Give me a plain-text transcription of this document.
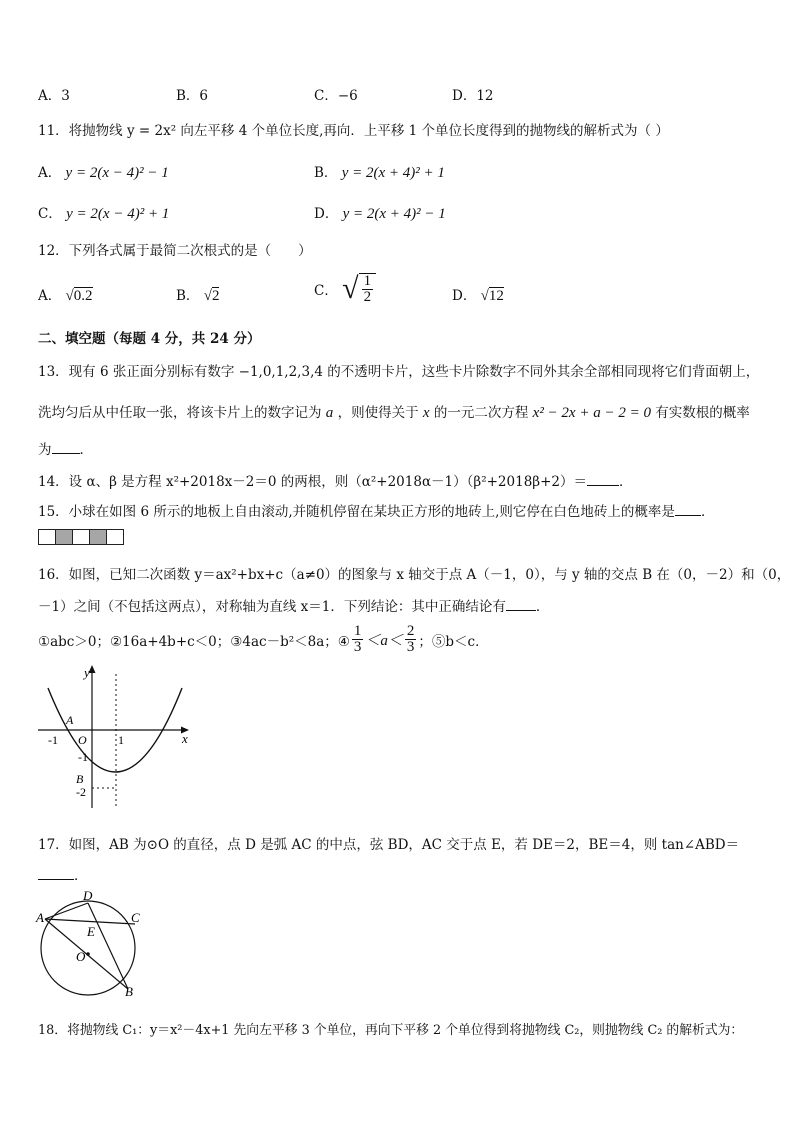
A．3	B．6	C．−6	D．12
11．将抛物线 y = 2x² 向左平移 4 个单位长度,再向．上平移 1 个单位长度得到的抛物线的解析式为（ ）
A． y = 2(x − 4)² − 1	B． y = 2(x + 4)² + 1
C． y = 2(x − 4)² + 1	D． y = 2(x + 4)² − 1
12．下列各式属于最简二次根式的是（　　）
A． √0.2	B． √2	C． √ $\frac{1}{2}$	D． √12
二、填空题（每题 4 分，共 24 分）
13．现有 6 张正面分别标有数字 −1,0,1,2,3,4 的不透明卡片，这些卡片除数字不同外其余全部相同现将它们背面朝上，
洗均匀后从中任取一张，将该卡片上的数字记为 a ，则使得关于 x 的一元二次方程 x² − 2x + a − 2 = 0 有实数根的概率
为 ．
14．设 α、β 是方程 x²+2018x－2＝0 的两根，则（α²+2018α－1）（β²+2018β+2）＝ ．
15．小球在如图 6 所示的地板上自由滚动,并随机停留在某块正方形的地砖上,则它停在白色地砖上的概率是 ．
16．如图，已知二次函数 y＝ax²+bx+c（a≠0）的图象与 x 轴交于点 A（－1，0），与 y 轴的交点 B 在（0，－2）和（0，
－1）之间（不包括这两点），对称轴为直线 x＝1．下列结论：其中正确结论有 ．
①abc＞0；②16a+4b+c＜0；③4ac－b²＜8a；④ $\frac{1}{3} <a< \frac{2}{3}$ ；⑤b＜c．
y
x
O
A
-1	1
-1
B
-2
17．如图，AB 为⊙O 的直径，点 D 是弧 AC 的中点，弦 BD，AC 交于点 E，若 DE＝2，BE＝4，则 tan∠ABD＝
．
A
D
C
E
O
B
18．将抛物线 C₁：y＝x²－4x+1 先向左平移 3 个单位，再向下平移 2 个单位得到将抛物线 C₂，则抛物线 C₂ 的解析式为：
